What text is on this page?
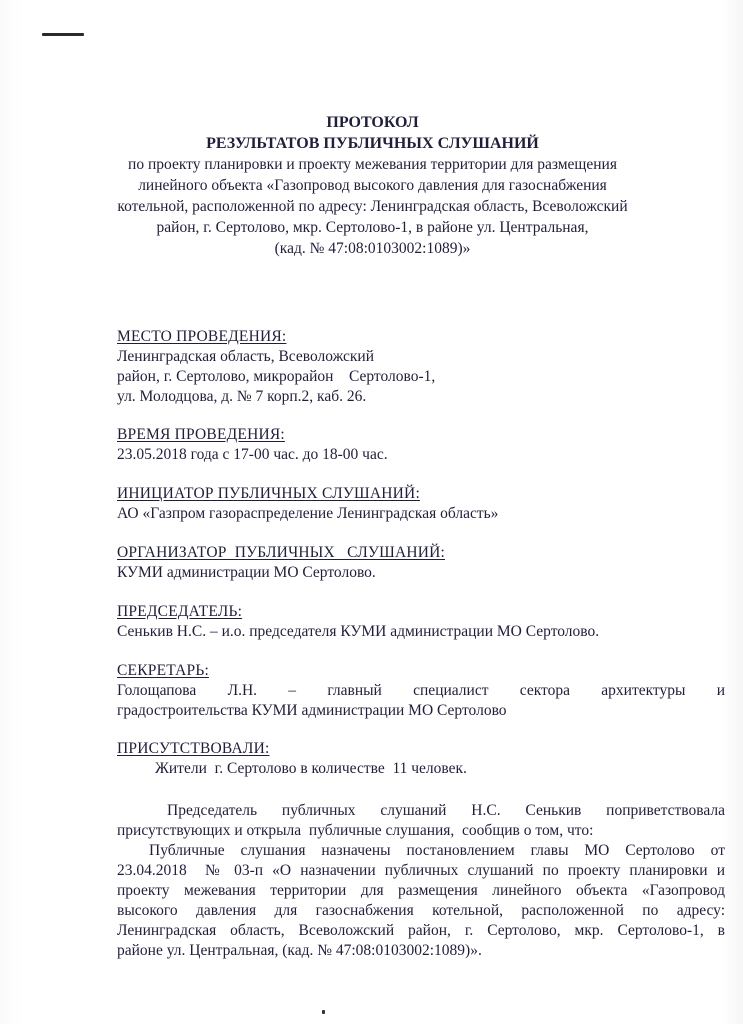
ПРОТОКОЛ
РЕЗУЛЬТАТОВ ПУБЛИЧНЫХ СЛУШАНИЙ
по проекту планировки и проекту межевания территории для размещения
линейного объекта «Газопровод высокого давления для газоснабжения
котельной, расположенной по адресу: Ленинградская область, Всеволожский
район, г. Сертолово, мкр. Сертолово-1, в районе ул. Центральная,
(кад. № 47:08:0103002:1089)»
МЕСТО ПРОВЕДЕНИЯ:
Ленинградская область, Всеволожский
район, г. Сертолово, микрорайон    Сертолово-1,
ул. Молодцова, д. № 7 корп.2, каб. 26.
ВРЕМЯ ПРОВЕДЕНИЯ:
23.05.2018 года с 17-00 час. до 18-00 час.
ИНИЦИАТОР ПУБЛИЧНЫХ СЛУШАНИЙ:
АО «Газпром газораспределение Ленинградская область»
ОРГАНИЗАТОР  ПУБЛИЧНЫХ   СЛУШАНИЙ:
КУМИ администрации МО Сертолово.
ПРЕДСЕДАТЕЛЬ:
Сенькив Н.С. – и.о. председателя КУМИ администрации МО Сертолово.
СЕКРЕТАРЬ:
Голощапова Л.Н. – главный специалист сектора архитектуры и
градостроительства КУМИ администрации МО Сертолово
ПРИСУТСТВОВАЛИ:
Жители  г. Сертолово в количестве  11 человек.
Председатель публичных слушаний Н.С. Сенькив поприветствовала
присутствующих и открыла  публичные слушания,  сообщив о том, что:
Публичные слушания назначены постановлением главы МО Сертолово от
23.04.2018  № 03-п «О назначении публичных слушаний по проекту планировки и
проекту межевания территории для размещения линейного объекта «Газопровод
высокого давления для газоснабжения котельной, расположенной по адресу:
Ленинградская область, Всеволожский район, г. Сертолово, мкр. Сертолово-1, в
районе ул. Центральная, (кад. № 47:08:0103002:1089)».
